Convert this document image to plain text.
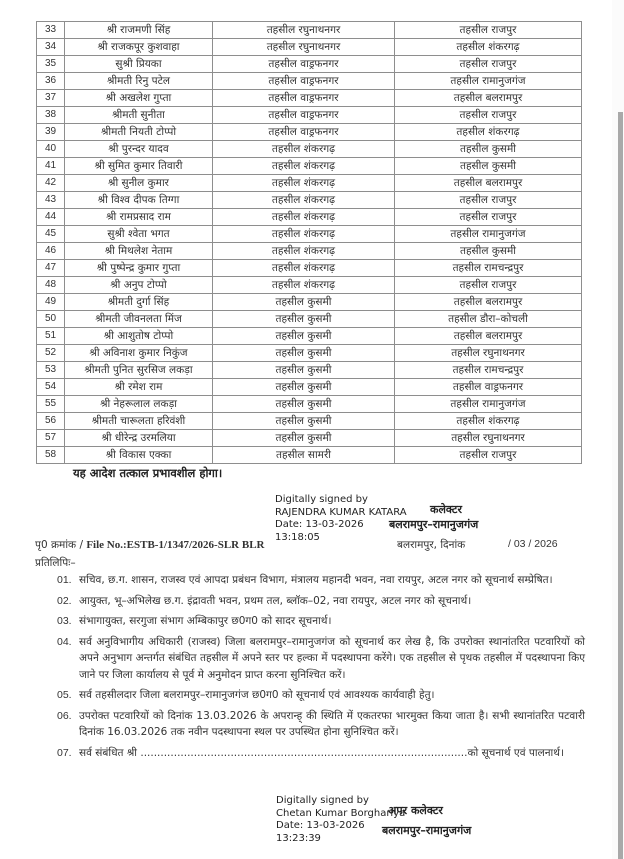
33	श्री राजमणी सिंह	तहसील रघुनाथनगर	तहसील राजपुर
34	श्री राजकपूर कुशवाहा	तहसील रघुनाथनगर	तहसील शंकरगढ़
35	सुश्री प्रियका	तहसील वाड्रफनगर	तहसील राजपुर
36	श्रीमती रिनु पटेल	तहसील वाड्रफनगर	तहसील रामानुजगंज
37	श्री अखलेश गुप्ता	तहसील वाड्रफनगर	तहसील बलरामपुर
38	श्रीमती सुनीता	तहसील वाड्रफनगर	तहसील राजपुर
39	श्रीमती नियती टोप्पो	तहसील वाड्रफनगर	तहसील शंकरगढ़
40	श्री पुरन्दर यादव	तहसील शंकरगढ़	तहसील कुसमी
41	श्री सुमित कुमार तिवारी	तहसील शंकरगढ़	तहसील कुसमी
42	श्री सुनील कुमार	तहसील शंकरगढ़	तहसील बलरामपुर
43	श्री विश्व दीपक तिग्गा	तहसील शंकरगढ़	तहसील राजपुर
44	श्री रामप्रसाद राम	तहसील शंकरगढ़	तहसील राजपुर
45	सुश्री श्वेता भगत	तहसील शंकरगढ़	तहसील रामानुजगंज
46	श्री मिथलेश नेताम	तहसील शंकरगढ़	तहसील कुसमी
47	श्री पुष्पेन्द्र कुमार गुप्ता	तहसील शंकरगढ़	तहसील रामचन्द्रपुर
48	श्री अनुप टोप्पो	तहसील शंकरगढ़	तहसील राजपुर
49	श्रीमती दुर्गा सिंह	तहसील कुसमी	तहसील बलरामपुर
50	श्रीमती जीवनलता मिंज	तहसील कुसमी	तहसील डौरा–कोचली
51	श्री आशुतोष टोप्पो	तहसील कुसमी	तहसील बलरामपुर
52	श्री अविनाश कुमार निकुंज	तहसील कुसमी	तहसील रघुनाथनगर
53	श्रीमती पुनित सुरसिज लकड़ा	तहसील कुसमी	तहसील रामचन्द्रपुर
54	श्री रमेश राम	तहसील कुसमी	तहसील वाड्रफनगर
55	श्री नेहरूलाल लकड़ा	तहसील कुसमी	तहसील रामानुजगंज
56	श्रीमती चारूलता हरिवंशी	तहसील कुसमी	तहसील शंकरगढ़
57	श्री धीरेन्द्र उरमलिया	तहसील कुसमी	तहसील रघुनाथनगर
58	श्री विकास एक्का	तहसील सामरी	तहसील राजपुर
यह आदेश तत्काल प्रभावशील होगा।
Digitally signed by
RAJENDRA KUMAR KATARA
Date: 13-03-2026
13:18:05
कलेक्टर
बलरामपुर–रामानुजगंज
पृ0 क्रमांक / File No.:ESTB-1/1347/2026-SLR BLR	बलरामपुर, दिनांक	/ 03 / 2026
प्रतिलिपिः–
01. सचिव, छ.ग. शासन, राजस्व एवं आपदा प्रबंधन विभाग, मंत्रालय महानदी भवन, नवा रायपुर, अटल नगर को सूचनार्थ सम्प्रेषित।
02. आयुक्त, भू–अभिलेख छ.ग. इंद्रावती भवन, प्रथम तल, ब्लॉक–02, नवा रायपुर, अटल नगर को सूचनार्थ।
03. संभागायुक्त, सरगुजा संभाग अम्बिकापुर छ0ग0 को सादर सूचनार्थ।
04. सर्व अनुविभागीय अधिकारी (राजस्व) जिला बलरामपुर–रामानुजगंज को सूचनार्थ कर लेख है, कि उपरोक्त स्थानांतरित पटवारियों को अपने अनुभाग अन्तर्गत संबंधित तहसील में अपने स्तर पर हल्का में पदस्थापना करेंगे। एक तहसील से पृथक तहसील में पदस्थापना किए जाने पर जिला कार्यालय से पूर्व मे अनुमोदन प्राप्त करना सुनिश्चित करें।
05. सर्व तहसीलदार जिला बलरामपुर–रामानुजगंज छ0ग0 को सूचनार्थ एवं आवश्यक कार्यवाही हेतु।
06. उपरोक्त पटवारियों को दिनांक 13.03.2026 के अपरान्ह् की स्थिति में एकतरफा भारमुक्त किया जाता है। सभी स्थानांतरित पटवारी दिनांक 16.03.2026 तक नवीन पदस्थापना स्थल पर उपस्थित होना सुनिश्चित करें।
07. सर्व संबंधित श्री ..................................................................................................को सूचनार्थ एवं पालनार्थ।
Digitally signed by
Chetan Kumar Borghariya
Date: 13-03-2026
13:23:39
अपर कलेक्टर
बलरामपुर–रामानुजगंज
